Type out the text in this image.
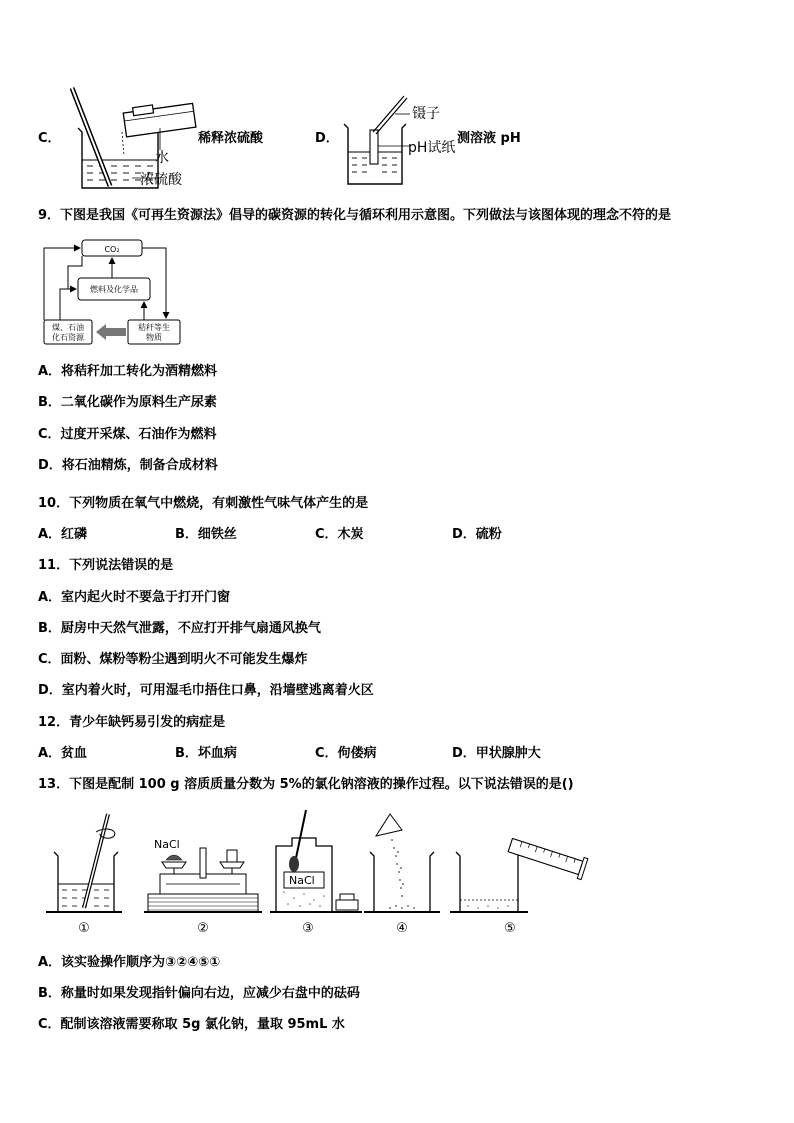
C．
水
浓硫酸
稀释浓硫酸	D．
镊子
pH试纸
测溶液 pH
9．下图是我国《可再生资源法》倡导的碳资源的转化与循环利用示意图。下列做法与该图体现的理念不符的是
CO₂
燃料及化学品
煤、石油
化石资源
秸秆等生
物质
A．将秸秆加工转化为酒精燃料
B．二氧化碳作为原料生产尿素
C．过度开采煤、石油作为燃料
D．将石油精炼，制备合成材料
10．下列物质在氧气中燃烧，有刺激性气味气体产生的是
A．红磷	B．细铁丝	C．木炭	D．硫粉
11．下列说法错误的是
A．室内起火时不要急于打开门窗
B．厨房中天然气泄露，不应打开排气扇通风换气
C．面粉、煤粉等粉尘遇到明火不可能发生爆炸
D．室内着火时，可用湿毛巾捂住口鼻，沿墙壁逃离着火区
12．青少年缺钙易引发的病症是
A．贫血	B．坏血病	C．佝偻病	D．甲状腺肿大
13．下图是配制 100 g 溶质质量分数为 5%的氯化钠溶液的操作过程。以下说法错误的是()
NaCl
NaCl
①	②	③	④	⑤
A．该实验操作顺序为③②④⑤①
B．称量时如果发现指针偏向右边，应减少右盘中的砝码
C．配制该溶液需要称取 5g 氯化钠，量取 95mL 水
